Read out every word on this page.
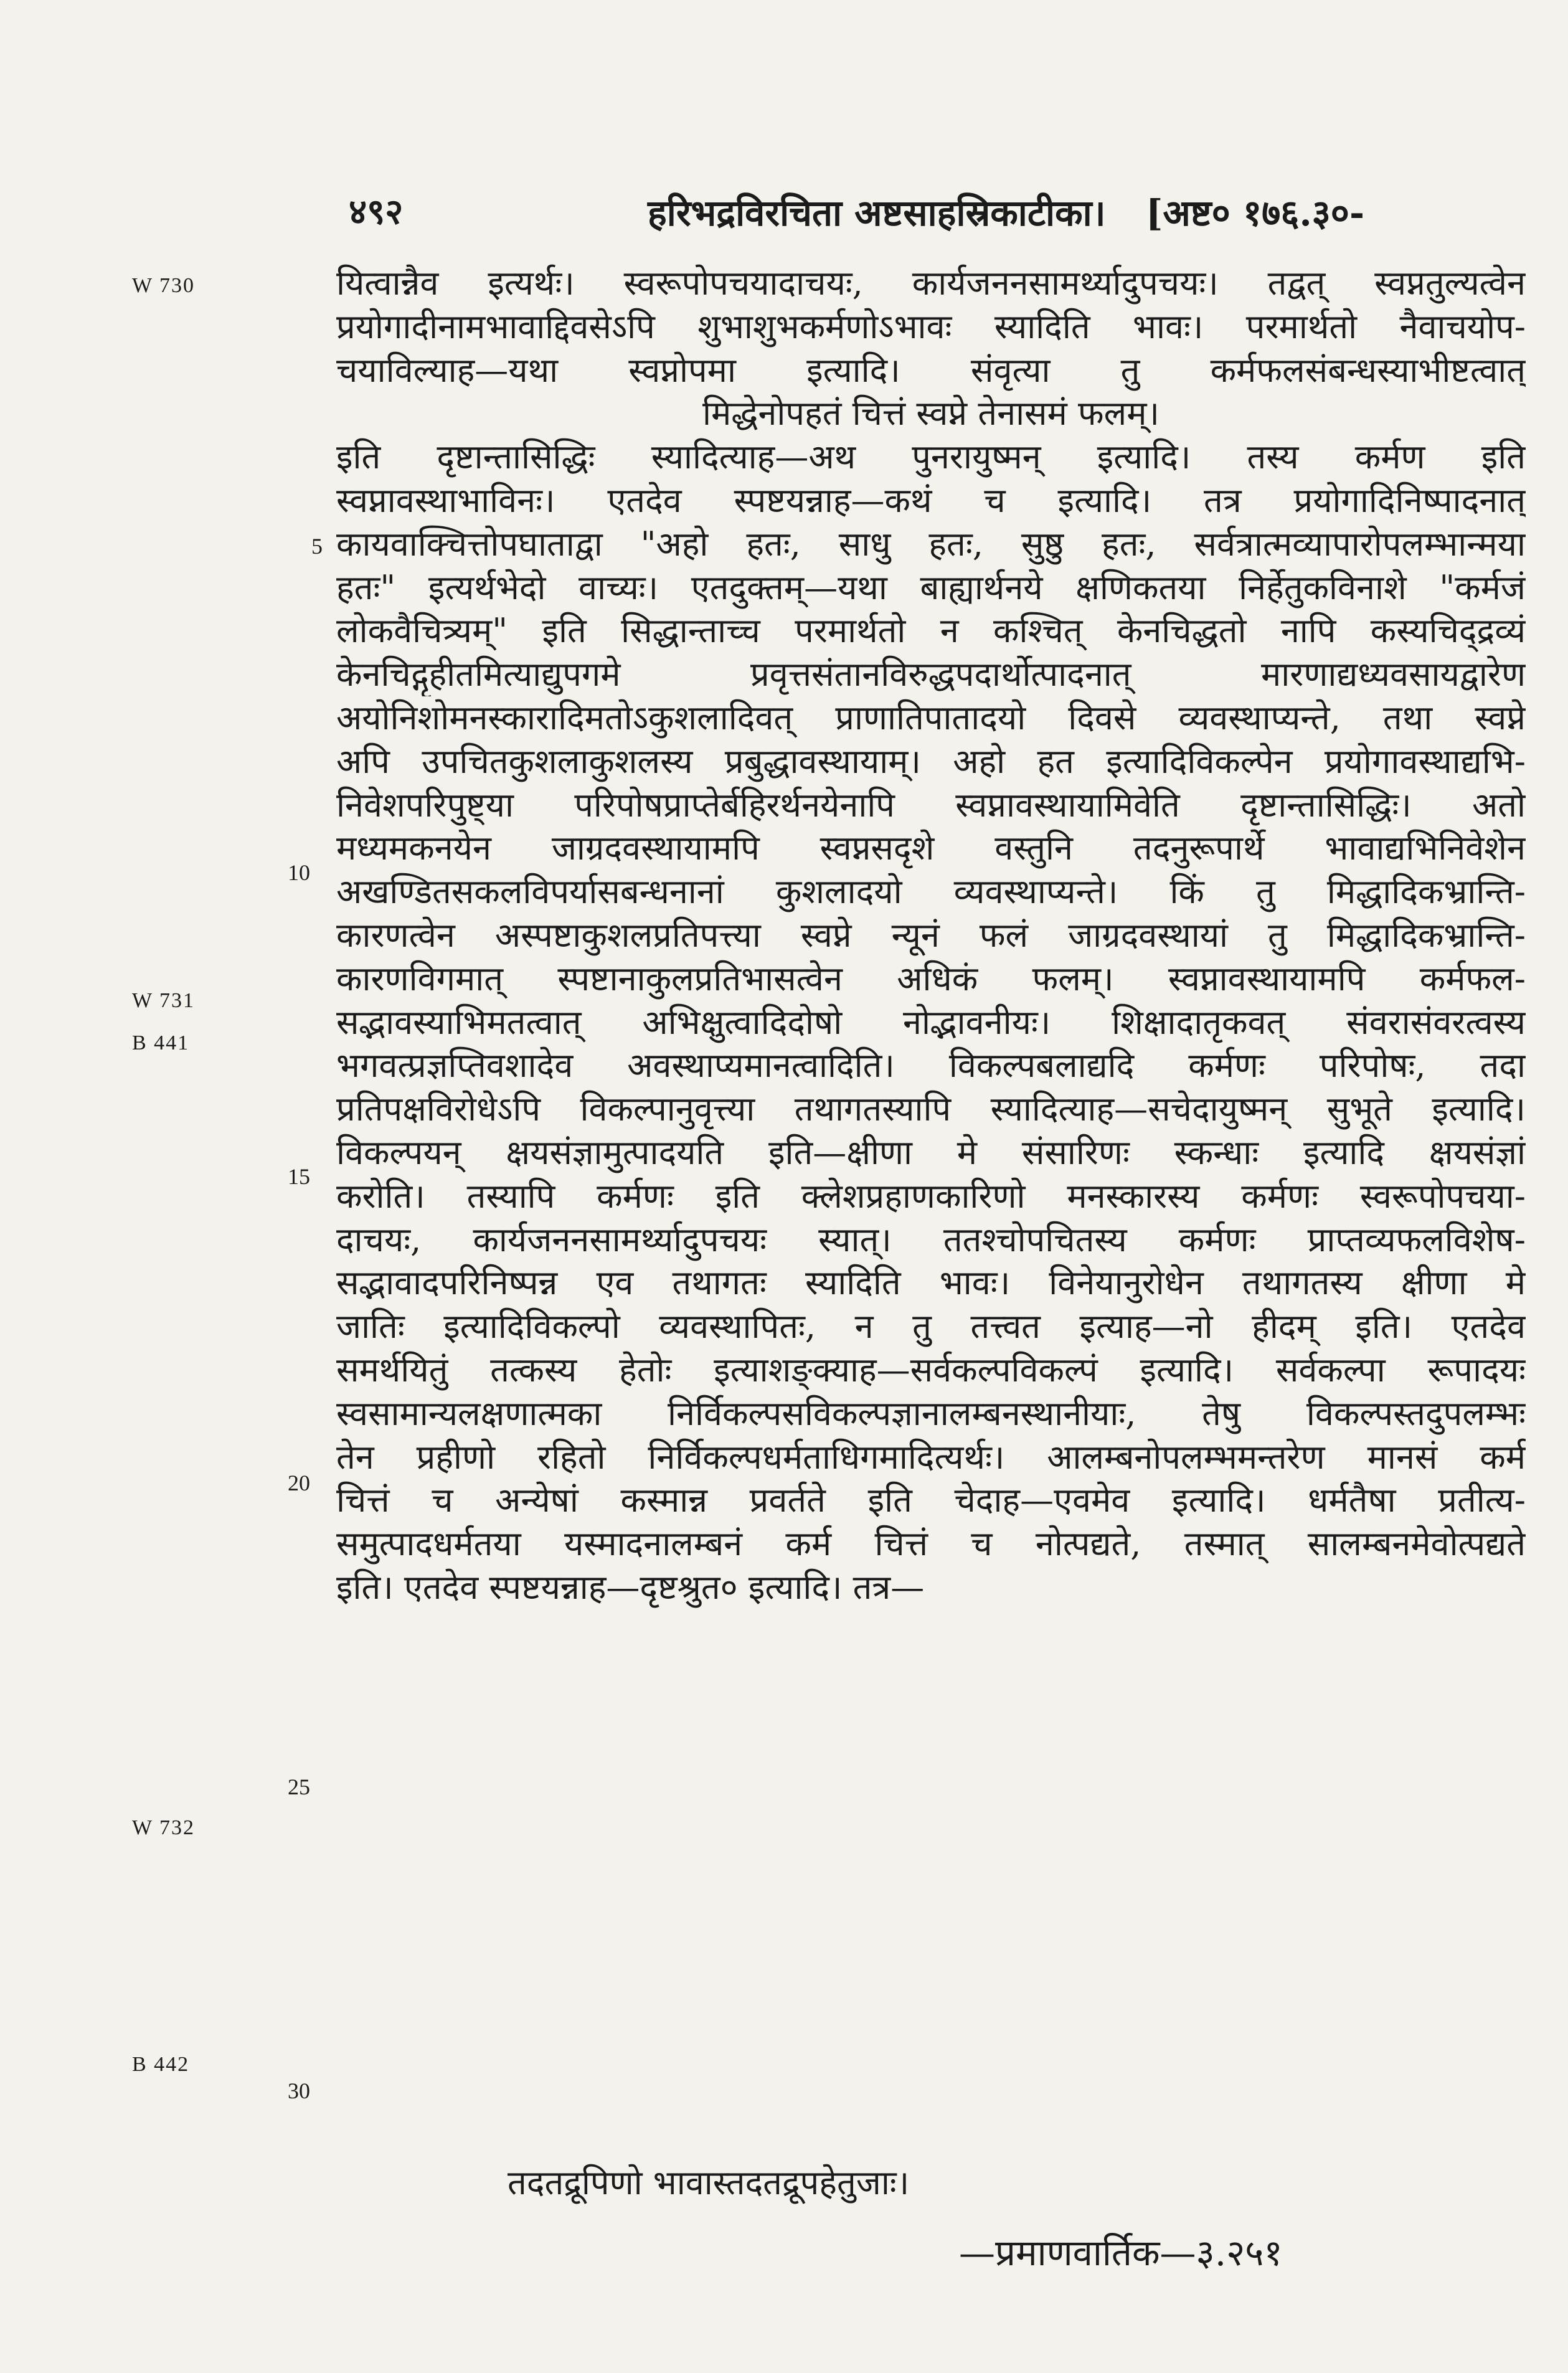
४९२	हरिभद्रविरचिता अष्टसाहस्रिकाटीका। [अष्ट० १७६.३०-
W 730
W 731
B 441
W 732
B 442
5
10
15
20
25
30
यित्वान्नैव इत्यर्थः। स्वरूपोपचयादाचयः, कार्यजननसामर्थ्यादुपचयः। तद्वत् स्वप्नतुल्यत्वेन
प्रयोगादीनामभावाद्दिवसेऽपि शुभाशुभकर्मणोऽभावः स्यादिति भावः। परमार्थतो नैवाचयोप-
चयाविल्याह—यथा स्वप्नोपमा इत्यादि। संवृत्या तु कर्मफलसंबन्धस्याभीष्टत्वात्
मिद्धेनोपहतं चित्तं स्वप्ने तेनासमं फलम्।
इति दृष्टान्तासिद्धिः स्यादित्याह—अथ पुनरायुष्मन् इत्यादि। तस्य कर्मण इति
स्वप्नावस्थाभाविनः। एतदेव स्पष्टयन्नाह—कथं च इत्यादि। तत्र प्रयोगादिनिष्पादनात्
कायवाक्चित्तोपघाताद्वा "अहो हतः, साधु हतः, सुष्ठु हतः, सर्वत्रात्मव्यापारोपलम्भान्मया
हतः" इत्यर्थभेदो वाच्यः। एतदुक्तम्—यथा बाह्यार्थनये क्षणिकतया निर्हेतुकविनाशे "कर्मजं
लोकवैचित्र्यम्" इति सिद्धान्ताच्च परमार्थतो न कश्चित् केनचिद्धतो नापि कस्यचिद्द्रव्यं
केनचिद्गृहीतमित्याद्युपगमे प्रवृत्तसंतानविरुद्धपदार्थोत्पादनात् मारणाद्यध्यवसायद्वारेण
अयोनिशोमनस्कारादिमतोऽकुशलादिवत् प्राणातिपातादयो दिवसे व्यवस्थाप्यन्ते, तथा स्वप्ने
अपि उपचितकुशलाकुशलस्य प्रबुद्धावस्थायाम्। अहो हत इत्यादिविकल्पेन प्रयोगावस्थाद्यभि-
निवेशपरिपुष्ट्या परिपोषप्राप्तेर्बहिरर्थनयेनापि स्वप्नावस्थायामिवेति दृष्टान्तासिद्धिः। अतो
मध्यमकनयेन जाग्रदवस्थायामपि स्वप्नसदृशे वस्तुनि तदनुरूपार्थे भावाद्यभिनिवेशेन
अखण्डितसकलविपर्यासबन्धनानां कुशलादयो व्यवस्थाप्यन्ते। किं तु मिद्धादिकभ्रान्ति-
कारणत्वेन अस्पष्टाकुशलप्रतिपत्त्या स्वप्ने न्यूनं फलं जाग्रदवस्थायां तु मिद्धादिकभ्रान्ति-
कारणविगमात् स्पष्टानाकुलप्रतिभासत्वेन अधिकं फलम्। स्वप्नावस्थायामपि कर्मफल-
सद्भावस्याभिमतत्वात् अभिक्षुत्वादिदोषो नोद्भावनीयः। शिक्षादातृकवत् संवरासंवरत्वस्य
भगवत्प्रज्ञप्तिवशादेव अवस्थाप्यमानत्वादिति। विकल्पबलाद्यदि कर्मणः परिपोषः, तदा
प्रतिपक्षविरोधेऽपि विकल्पानुवृत्त्या तथागतस्यापि स्यादित्याह—सचेदायुष्मन् सुभूते इत्यादि।
विकल्पयन् क्षयसंज्ञामुत्पादयति इति—क्षीणा मे संसारिणः स्कन्धाः इत्यादि क्षयसंज्ञां
करोति। तस्यापि कर्मणः इति क्लेशप्रहाणकारिणो मनस्कारस्य कर्मणः स्वरूपोपचया-
दाचयः, कार्यजननसामर्थ्यादुपचयः स्यात्। ततश्चोपचितस्य कर्मणः प्राप्तव्यफलविशेष-
सद्भावादपरिनिष्पन्न एव तथागतः स्यादिति भावः। विनेयानुरोधेन तथागतस्य क्षीणा मे
जातिः इत्यादिविकल्पो व्यवस्थापितः, न तु तत्त्वत इत्याह—नो हीदम् इति। एतदेव
समर्थयितुं तत्कस्य हेतोः इत्याशङ्क्याह—सर्वकल्पविकल्पं इत्यादि। सर्वकल्पा रूपादयः
स्वसामान्यलक्षणात्मका निर्विकल्पसविकल्पज्ञानालम्बनस्थानीयाः, तेषु विकल्पस्तदुपलम्भः
तेन प्रहीणो रहितो निर्विकल्पधर्मताधिगमादित्यर्थः। आलम्बनोपलम्भमन्तरेण मानसं कर्म
चित्तं च अन्येषां कस्मान्न प्रवर्तते इति चेदाह—एवमेव इत्यादि। धर्मतैषा प्रतीत्य-
समुत्पादधर्मतया यस्मादनालम्बनं कर्म चित्तं च नोत्पद्यते, तस्मात् सालम्बनमेवोत्पद्यते
इति। एतदेव स्पष्टयन्नाह—दृष्टश्रुत० इत्यादि। तत्र—
तदतद्रूपिणो भावास्तदतद्रूपहेतुजाः।
—प्रमाणवार्तिक—३.२५१
